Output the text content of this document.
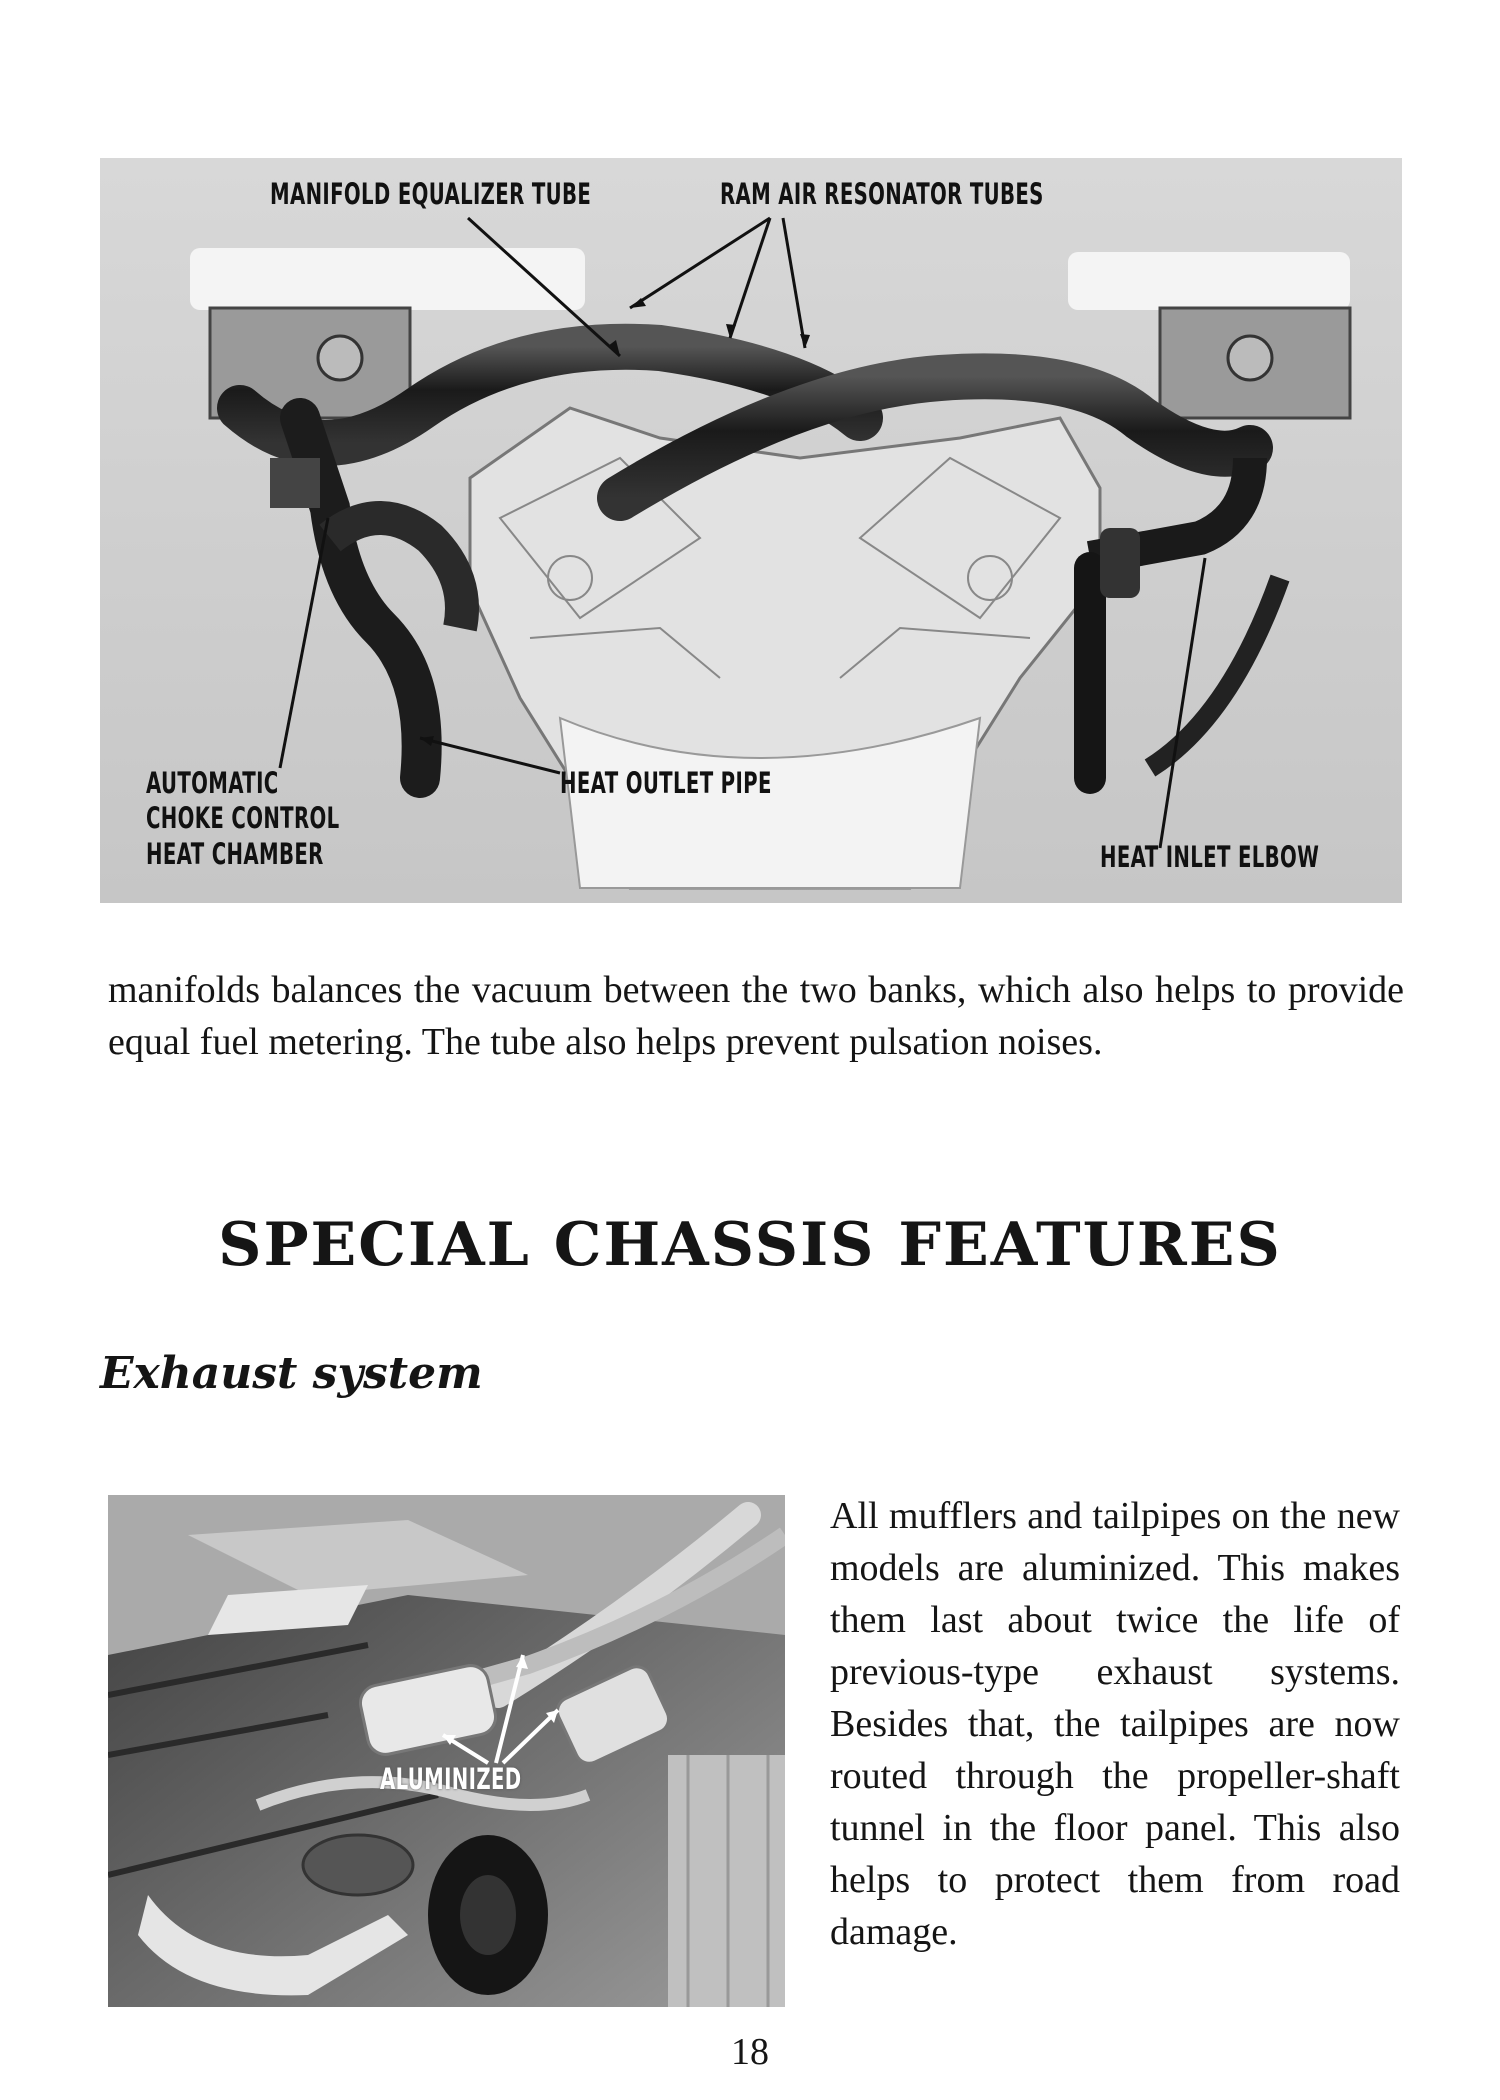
MANIFOLD EQUALIZER TUBE	RAM AIR RESONATOR TUBES
AUTOMATIC
CHOKE CONTROL
HEAT CHAMBER
HEAT OUTLET PIPE
HEAT INLET ELBOW

manifolds balances the vacuum between the two banks, which also helps to provide equal fuel metering. The tube also helps prevent pulsation noises.

SPECIAL CHASSIS FEATURES
Exhaust system
ALUMINIZED

All mufflers and tailpipes on the new models are aluminized. This makes them last about twice the life of previous-type exhaust systems. Besides that, the tailpipes are now routed through the propeller-shaft tunnel in the floor panel. This also helps to protect them from road damage.

18
